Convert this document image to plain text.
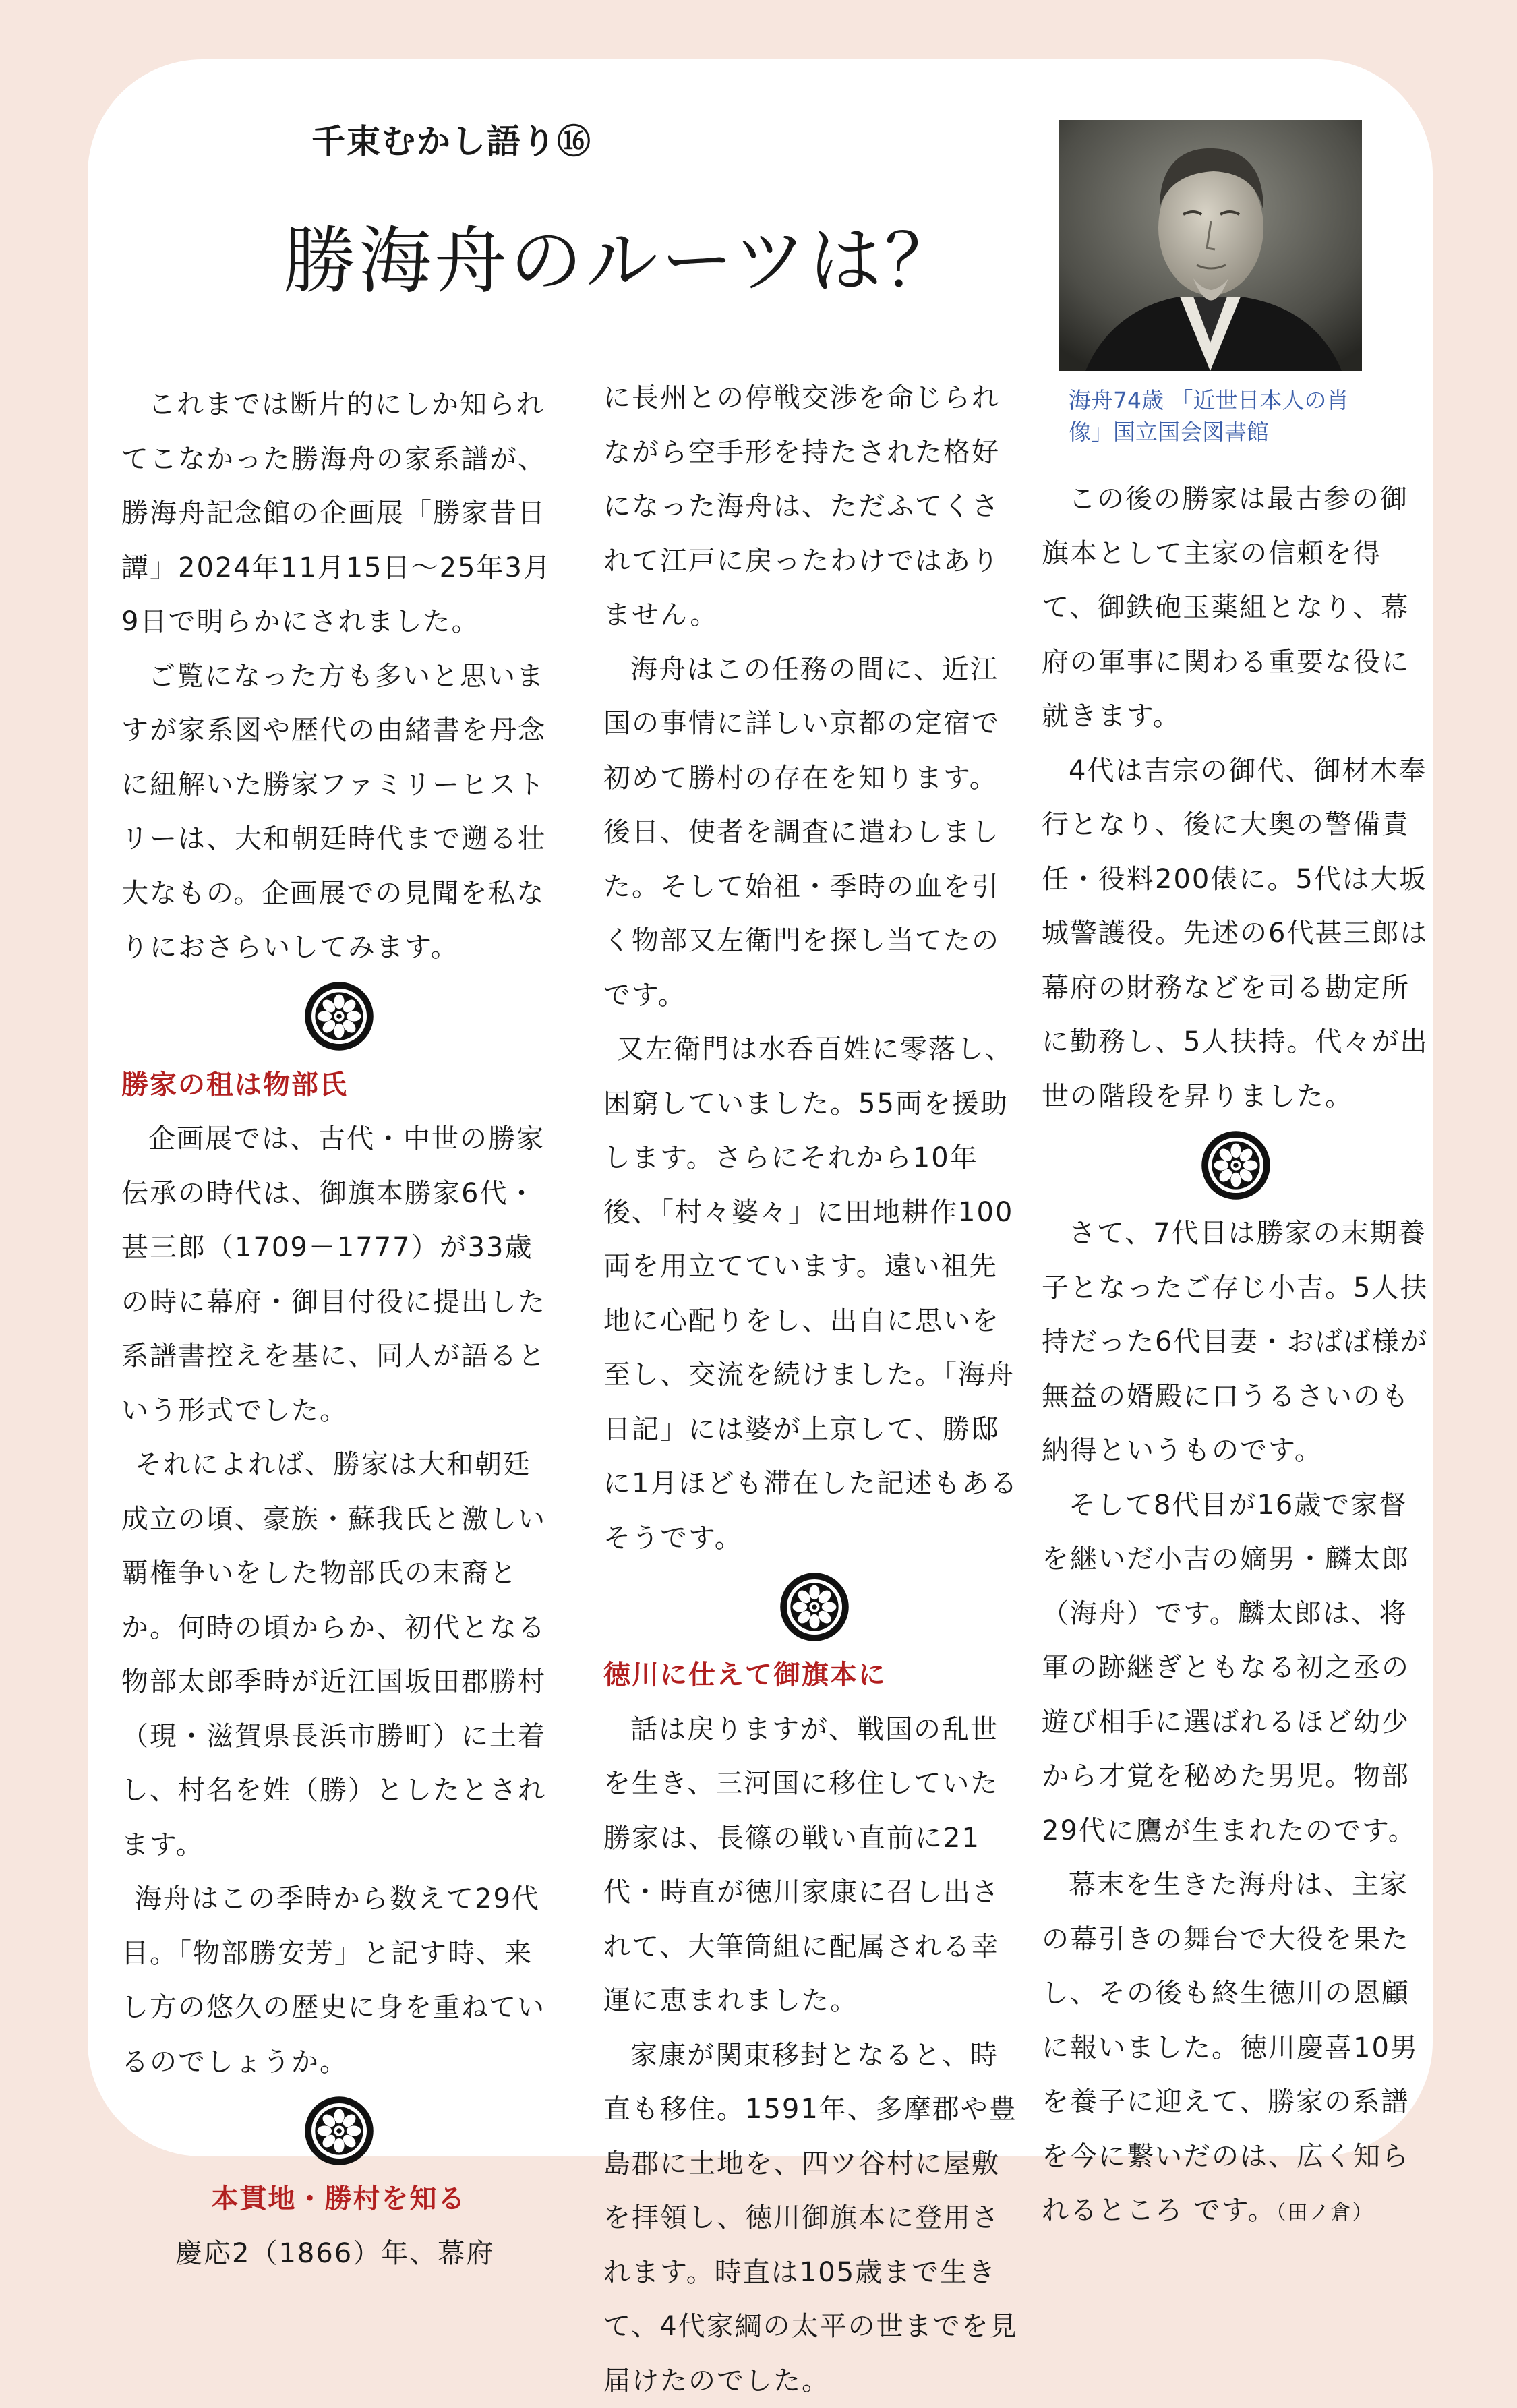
千束むかし語り⑯
勝海舟のルーツは？
海舟74歳 「近世日本人の肖
像」国立国会図書館

これまでは断片的にしか知られてこなかった勝海舟の家系譜が、勝海舟記念館の企画展「勝家昔日譚」2024年11月15日～25年3月9日で明らかにされました。

ご覧になった方も多いと思いますが家系図や歴代の由緒書を丹念に紐解いた勝家ファミリーヒストリーは、大和朝廷時代まで遡る壮大なもの。企画展での見聞を私なりにおさらいしてみます。

勝家の租は物部氏

企画展では、古代・中世の勝家伝承の時代は、御旗本勝家6代・甚三郎（1709－1777）が33歳の時に幕府・御目付役に提出した系譜書控えを基に、同人が語るという形式でした。

それによれば、勝家は大和朝廷成立の頃、豪族・蘇我氏と激しい覇権争いをした物部氏の末裔とか。何時の頃からか、初代となる物部太郎季時が近江国坂田郡勝村（現・滋賀県長浜市勝町）に土着し、村名を姓（勝）としたとされます。

海舟はこの季時から数えて29代目。「物部勝安芳」と記す時、来し方の悠久の歴史に身を重ねているのでしょうか。

本貫地・勝村を知る

慶応2（1866）年、幕府

に長州との停戦交渉を命じられながら空手形を持たされた格好になった海舟は、ただふてくされて江戸に戻ったわけではありません。

海舟はこの任務の間に、近江国の事情に詳しい京都の定宿で初めて勝村の存在を知ります。後日、使者を調査に遣わしました。そして始祖・季時の血を引く物部又左衛門を探し当てたのです。

又左衛門は水呑百姓に零落し、困窮していました。55両を援助します。さらにそれから10年後、「村々婆々」に田地耕作100両を用立てています。遠い祖先地に心配りをし、出自に思いを至し、交流を続けました。「海舟日記」には婆が上京して、勝邸に1月ほども滞在した記述もあるそうです。

徳川に仕えて御旗本に

話は戻りますが、戦国の乱世を生き、三河国に移住していた勝家は、長篠の戦い直前に21代・時直が徳川家康に召し出されて、大筆筒組に配属される幸運に恵まれました。

家康が関東移封となると、時直も移住。1591年、多摩郡や豊島郡に土地を、四ツ谷村に屋敷を拝領し、徳川御旗本に登用されます。時直は105歳まで生きて、4代家綱の太平の世までを見届けたのでした。

この後の勝家は最古参の御旗本として主家の信頼を得て、御鉄砲玉薬組となり、幕府の軍事に関わる重要な役に就きます。

4代は吉宗の御代、御材木奉行となり、後に大奥の警備責任・役料200俵に。5代は大坂城警護役。先述の6代甚三郎は幕府の財務などを司る勘定所に勤務し、5人扶持。代々が出世の階段を昇りました。

さて、7代目は勝家の末期養子となったご存じ小吉。5人扶持だった6代目妻・おばば様が無益の婿殿に口うるさいのも納得というものです。

そして8代目が16歳で家督を継いだ小吉の嫡男・麟太郎（海舟）です。麟太郎は、将軍の跡継ぎともなる初之丞の遊び相手に選ばれるほど幼少から才覚を秘めた男児。物部29代に鷹が生まれたのです。

幕末を生きた海舟は、主家の幕引きの舞台で大役を果たし、その後も終生徳川の恩顧に報いました。徳川慶喜10男を養子に迎えて、勝家の系譜を今に繋いだのは、広く知られるところ です。（田ノ倉）
